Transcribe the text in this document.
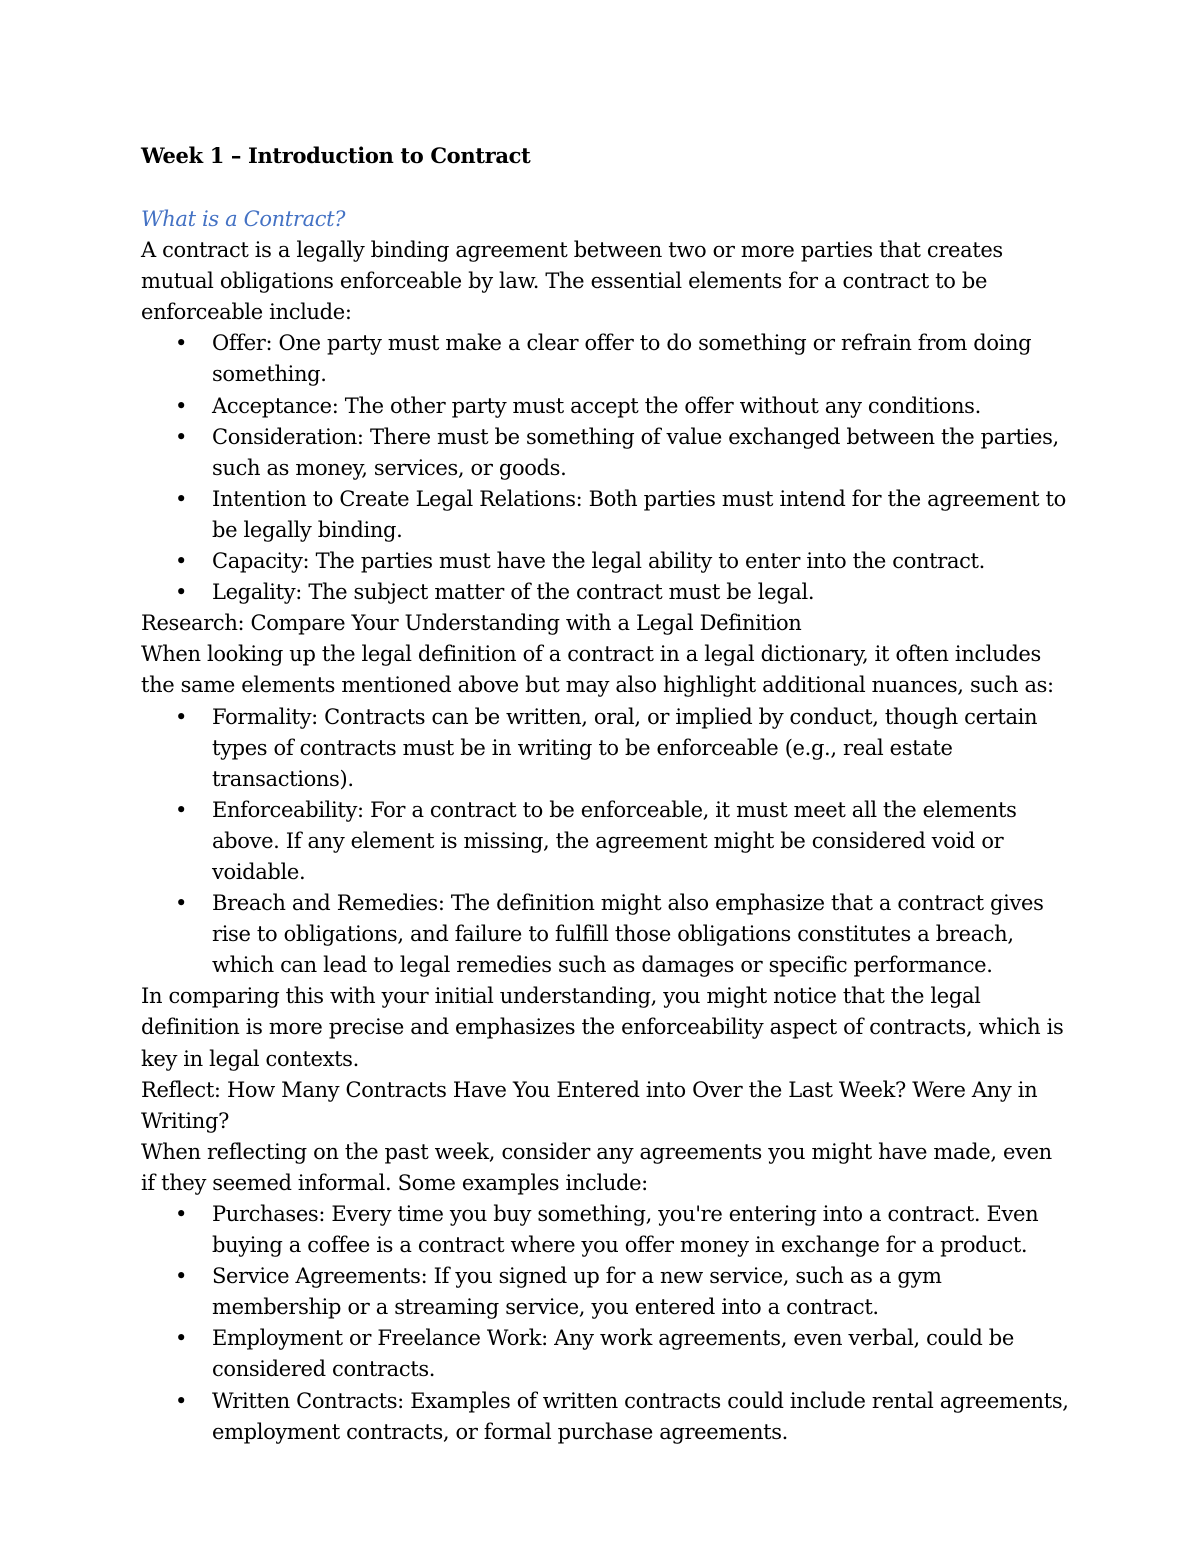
Week 1 – Introduction to Contract

What is a Contract?

A contract is a legally binding agreement between two or more parties that creates mutual obligations enforceable by law. The essential elements for a contract to be enforceable include:

• Offer: One party must make a clear offer to do something or refrain from doing something.
• Acceptance: The other party must accept the offer without any conditions.
• Consideration: There must be something of value exchanged between the parties, such as money, services, or goods.
• Intention to Create Legal Relations: Both parties must intend for the agreement to be legally binding.
• Capacity: The parties must have the legal ability to enter into the contract.
• Legality: The subject matter of the contract must be legal.

Research: Compare Your Understanding with a Legal Definition

When looking up the legal definition of a contract in a legal dictionary, it often includes the same elements mentioned above but may also highlight additional nuances, such as:

• Formality: Contracts can be written, oral, or implied by conduct, though certain types of contracts must be in writing to be enforceable (e.g., real estate transactions).
• Enforceability: For a contract to be enforceable, it must meet all the elements above. If any element is missing, the agreement might be considered void or voidable.
• Breach and Remedies: The definition might also emphasize that a contract gives rise to obligations, and failure to fulfill those obligations constitutes a breach, which can lead to legal remedies such as damages or specific performance.

In comparing this with your initial understanding, you might notice that the legal definition is more precise and emphasizes the enforceability aspect of contracts, which is key in legal contexts.

Reflect: How Many Contracts Have You Entered into Over the Last Week? Were Any in Writing?

When reflecting on the past week, consider any agreements you might have made, even if they seemed informal. Some examples include:

• Purchases: Every time you buy something, you're entering into a contract. Even buying a coffee is a contract where you offer money in exchange for a product.
• Service Agreements: If you signed up for a new service, such as a gym membership or a streaming service, you entered into a contract.
• Employment or Freelance Work: Any work agreements, even verbal, could be considered contracts.
• Written Contracts: Examples of written contracts could include rental agreements, employment contracts, or formal purchase agreements.
